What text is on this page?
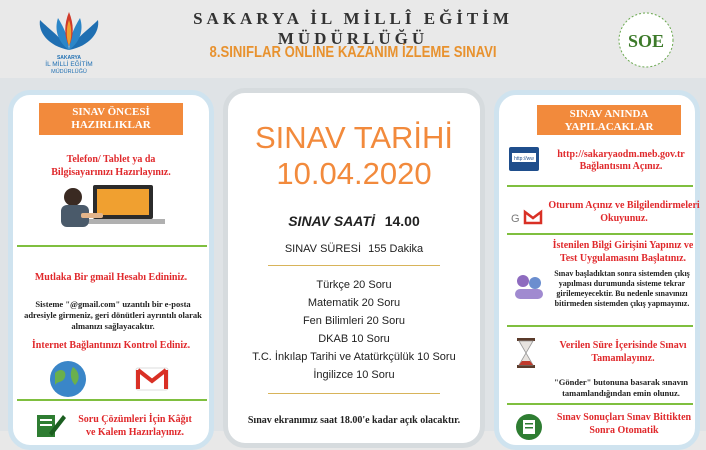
SAKARYA
İL MİLLİ EĞİTİM
MÜDÜRLÜĞÜ
SAKARYA İL MİLLÎ EĞİTİM MÜDÜRLÜĞÜ
8.SINIFLAR ONLINE KAZANIM İZLEME SINAVI
SOE
SINAV ÖNCESİ HAZIRLIKLAR
Telefon/ Tablet ya da Bilgisayarınızı Hazırlayınız.
Mutlaka Bir gmail Hesabı Edininiz.
Sisteme "@gmail.com" uzantılı bir e-posta adresiyle girmeniz, geri dönütleri ayrıntılı olarak almanızı sağlayacaktır.
İnternet Bağlantınızı Kontrol Ediniz.
Soru Çözümleri İçin Kâğıt ve Kalem Hazırlayınız.
SINAV TARİHİ
10.04.2020
SINAV SAATİ 14.00
SINAV SÜRESİ 155 Dakika
Türkçe 20 Soru
Matematik 20 Soru
Fen Bilimleri 20 Soru
DKAB 10 Soru
T.C. İnkılap Tarihi ve Atatürkçülük 10 Soru
İngilizce 10 Soru
Sınav ekranımız saat 18.00'e kadar açık olacaktır.
SINAV ANINDA YAPILACAKLAR
http://ww	http://sakaryaodm.meb.gov.tr Bağlantısını Açınız.
G
Oturum Açınız ve Bilgilendirmeleri Okuyunuz.
İstenilen Bilgi Girişini Yapınız ve Test Uygulamasını Başlatınız.
Sınav başladıktan sonra sistemden çıkış yapılması durumunda sisteme tekrar girilemeyecektir. Bu nedenle sınavınızı bitirmeden sistemden çıkış yapmayınız.
Verilen Süre İçerisinde Sınavı Tamamlayınız.
"Gönder" butonuna basarak sınavın tamamlandığından emin olunuz.
Sınav Sonuçları Sınav Bittikten Sonra Otomatik
